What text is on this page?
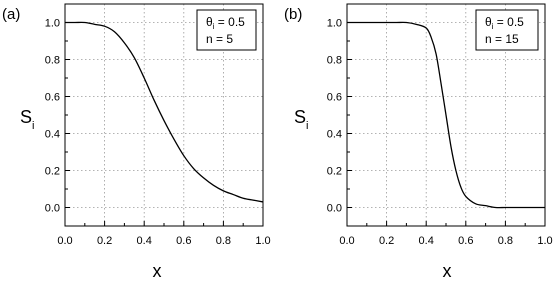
(a)
0.0
0.2
0.4
0.6
0.8
1.0
0.0 0.2 0.4 0.6 0.8 1.0
$S_i$
x
$\theta_i = 0.5$
n = 5
(b)
0.0
0.2
0.4
0.6
0.8
1.0
0.0 0.2 0.4 0.6 0.8 1.0
$S_i$
x
$\theta_i = 0.5$
n = 15
